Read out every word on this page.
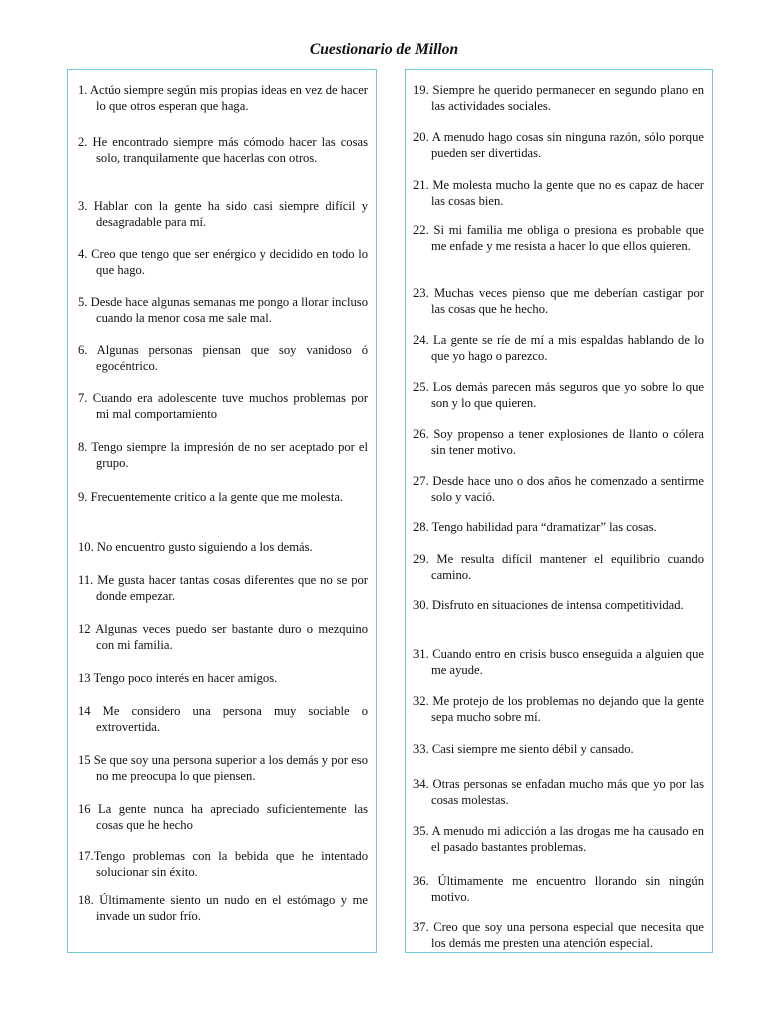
Cuestionario de Millon
1. Actúo siempre según mis propias ideas en vez de hacer lo que otros esperan que haga.
2. He encontrado siempre más cómodo hacer las cosas solo, tranquilamente que hacerlas con otros.
3. Hablar con la gente ha sido casi siempre difícil y desagradable para mí.
4. Creo que tengo que ser enérgico y decidido en todo lo que hago.
5. Desde hace algunas semanas me pongo a llorar incluso cuando la menor cosa me sale mal.
6. Algunas personas piensan que soy vanidoso ó egocéntrico.
7. Cuando era adolescente tuve muchos problemas por mi mal comportamiento
8. Tengo siempre la impresión de no ser aceptado por el grupo.
9. Frecuentemente critico a la gente que me molesta.
10. No encuentro gusto siguiendo a los demás.
11. Me gusta hacer tantas cosas diferentes que no se por donde empezar.
12 Algunas veces puedo ser bastante duro o mezquino con mi familia.
13 Tengo poco interés en hacer amigos.
14 Me considero una persona muy sociable o extrovertida.
15 Se que soy una persona superior a los demás y por eso no me preocupa lo que piensen.
16 La gente nunca ha apreciado suficientemente las cosas que he hecho
17.Tengo problemas con la bebida que he intentado solucionar sin éxito.
18. Últimamente siento un nudo en el estómago y me invade un sudor frío.
19. Siempre he querido permanecer en segundo plano en las actividades sociales.
20. A menudo hago cosas sin ninguna razón, sólo porque pueden ser divertidas.
21. Me molesta mucho la gente que no es capaz de hacer las cosas bien.
22. Si mi familia me obliga o presiona es probable que me enfade y me resista a hacer lo que ellos quieren.
23. Muchas veces pienso que me deberían castigar por las cosas que he hecho.
24. La gente se ríe de mí a mis espaldas hablando de lo que yo hago o parezco.
25. Los demás parecen más seguros que yo sobre lo que son y lo que quieren.
26. Soy propenso a tener explosiones de llanto o cólera sin tener motivo.
27. Desde hace uno o dos años he comenzado a sentirme solo y vació.
28. Tengo habilidad para “dramatizar” las cosas.
29. Me resulta difícil mantener el equilibrio cuando camino.
30. Disfruto en situaciones de intensa competitividad.
31. Cuando entro en crisis busco enseguida a alguien que me ayude.
32. Me protejo de los problemas no dejando que la gente sepa mucho sobre mí.
33. Casi siempre me siento débil y cansado.
34. Otras personas se enfadan mucho más que yo por las cosas molestas.
35. A menudo mi adicción a las drogas me ha causado en el pasado bastantes problemas.
36. Últimamente me encuentro llorando sin ningún motivo.
37. Creo que soy una persona especial que necesita que los demás me presten una atención especial.
